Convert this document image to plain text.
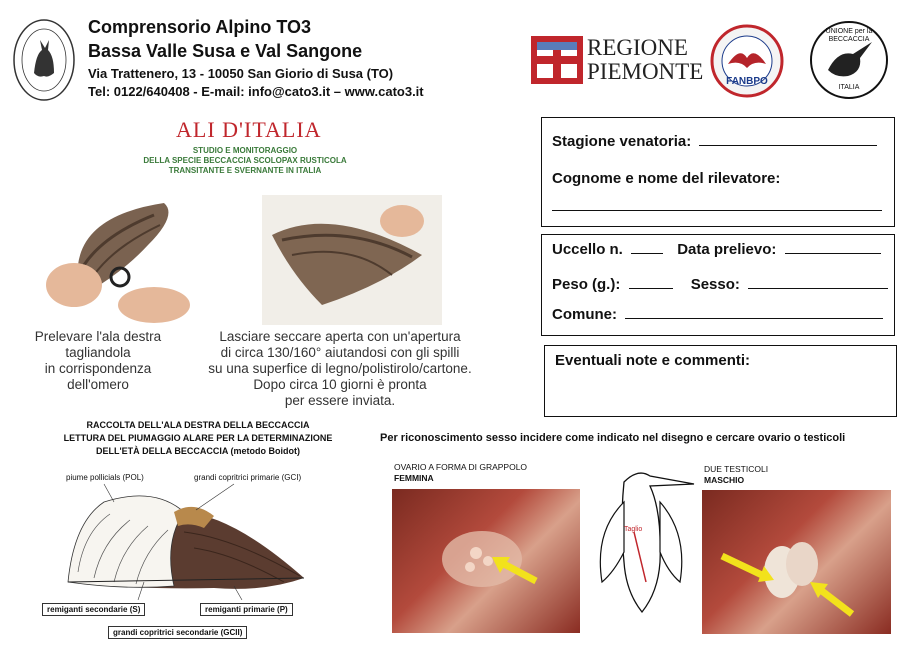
Comprensorio Alpino TO3
Bassa Valle Susa e Val Sangone
Via Trattenero, 13 - 10050 San Giorio di Susa (TO)
Tel: 0122/640408 - E-mail: info@cato3.it – www.cato3.it
REGIONE
PIEMONTE	FANBPO
UNIONE per la BECCACCIA
ITALIA
ALI D'ITALIA
STUDIO E MONITORAGGIO
DELLA SPECIE BECCACCIA SCOLOPAX RUSTICOLA
TRANSITANTE E SVERNANTE IN ITALIA
Prelevare l'ala destra
tagliandola
in corrispondenza
dell'omero
Lasciare seccare aperta con un'apertura
di circa 130/160° aiutandosi con gli spilli
su una superfice di legno/polistirolo/cartone.
Dopo circa 10 giorni è pronta
per essere inviata.
Stagione venatoria:
Cognome e nome del rilevatore:
Uccello n.	Data prelievo:
Peso (g.):	Sesso:
Comune:
Eventuali note e commenti:
RACCOLTA DELL'ALA DESTRA DELLA BECCACCIA
LETTURA DEL PIUMAGGIO ALARE PER LA DETERMINAZIONE
DELL'ETÀ DELLA BECCACCIA (metodo Boidot)
piume pollicials (POL)	grandi copritrici primarie (GCI)
remiganti secondarie (S)	remiganti primarie (P)
grandi copritrici secondarie (GCII)
Per riconoscimento sesso incidere come indicato nel disegno e cercare ovario o testicoli
OVARIO A FORMA DI GRAPPOLO
FEMMINA
Taglio
DUE TESTICOLI
MASCHIO
